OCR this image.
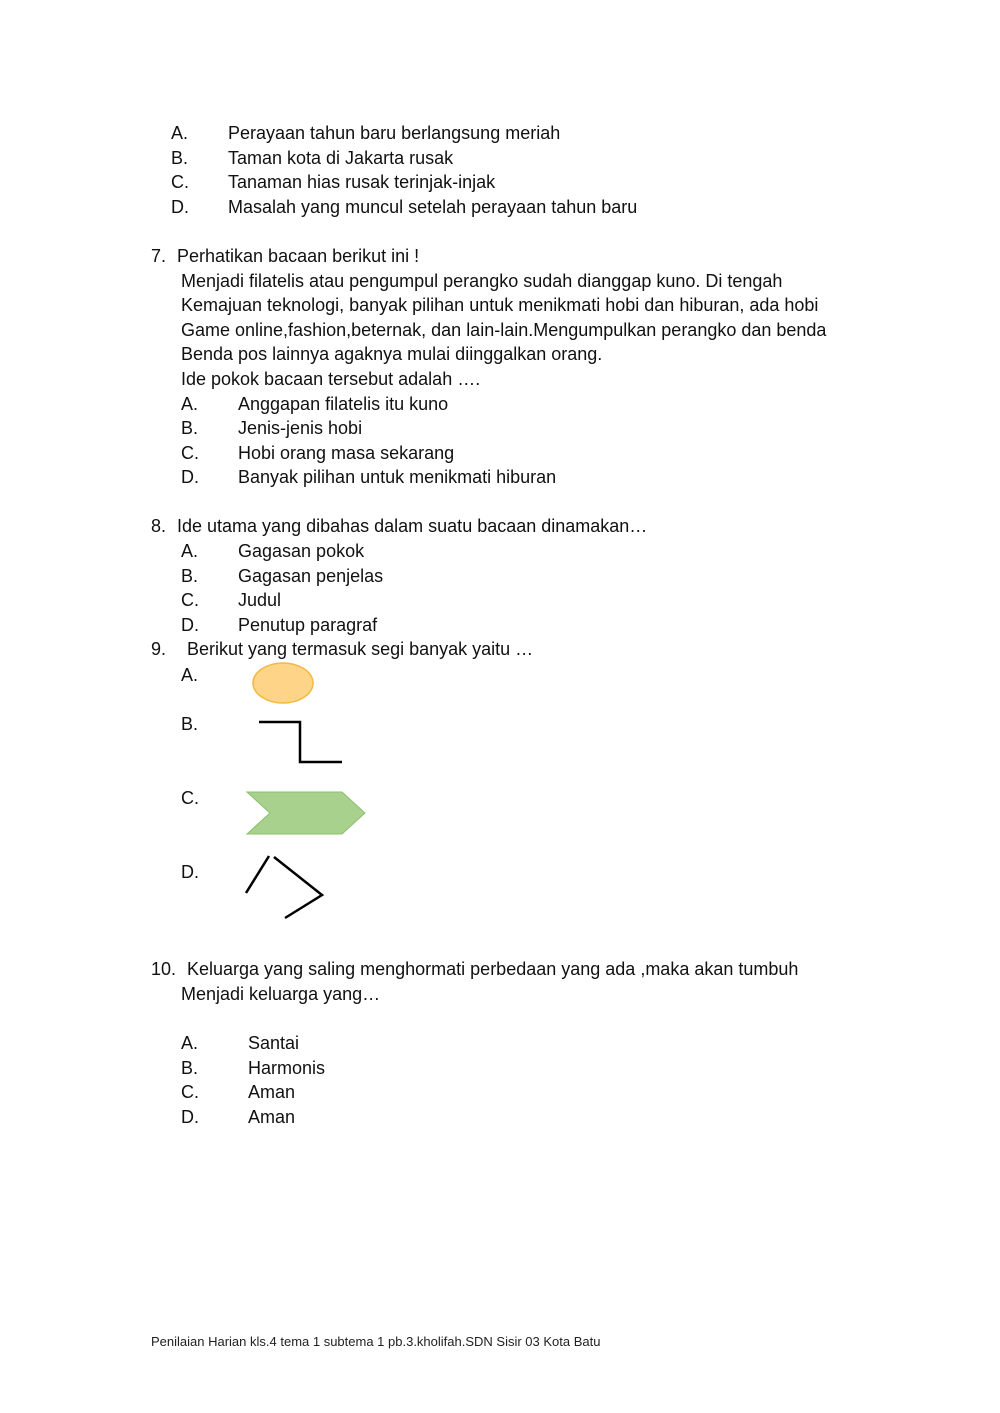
A. Perayaan tahun baru berlangsung meriah
B. Taman kota di Jakarta rusak
C. Tanaman hias rusak terinjak-injak
D. Masalah yang muncul setelah perayaan tahun baru
7. Perhatikan bacaan berikut ini !
Menjadi filatelis atau pengumpul perangko sudah dianggap kuno. Di tengah
Kemajuan teknologi, banyak pilihan untuk menikmati hobi dan hiburan, ada hobi
Game online,fashion,beternak, dan lain-lain.Mengumpulkan perangko dan benda
Benda pos lainnya agaknya mulai diinggalkan orang.
Ide pokok bacaan tersebut adalah ….
A. Anggapan filatelis itu kuno
B. Jenis-jenis hobi
C. Hobi orang masa sekarang
D. Banyak pilihan untuk menikmati hiburan
8. Ide utama yang dibahas dalam suatu bacaan dinamakan…
A. Gagasan pokok
B. Gagasan penjelas
C. Judul
D. Penutup paragraf
9. Berikut yang termasuk segi banyak yaitu …
A.
B.
C.
D.
10. Keluarga yang saling menghormati perbedaan yang ada ,maka akan tumbuh
Menjadi keluarga yang…
A.	Santai
B.	Harmonis
C.	Aman
D.	Aman
Penilaian Harian kls.4 tema 1 subtema 1 pb.3.kholifah.SDN Sisir 03 Kota Batu
